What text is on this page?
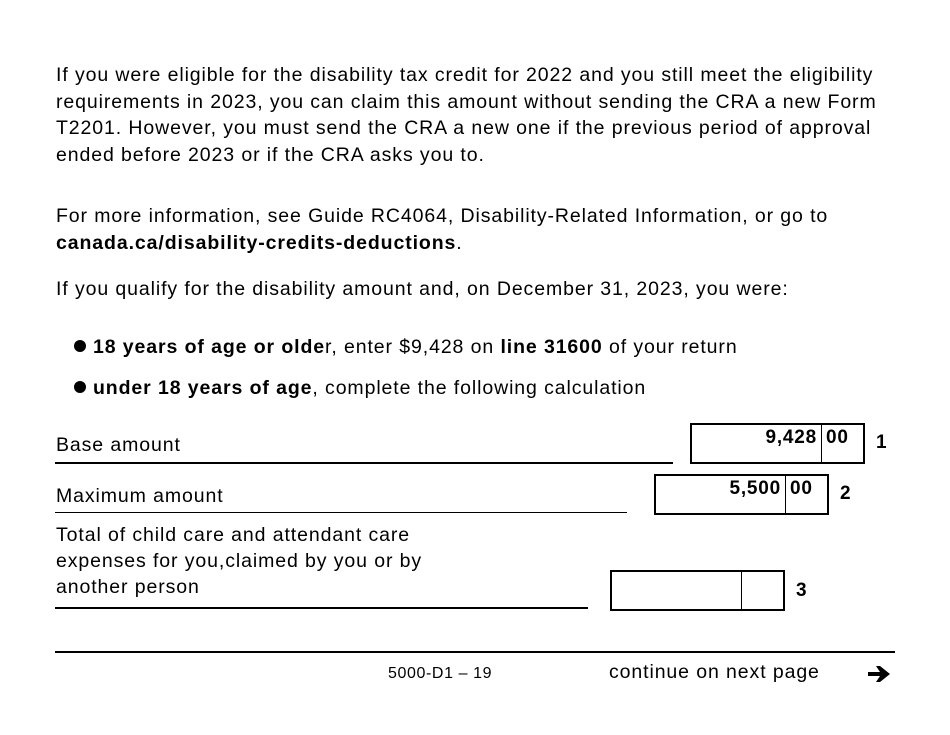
If you were eligible for the disability tax credit for 2022 and you still meet the eligibility requirements in 2023, you can claim this amount without sending the CRA a new Form T2201. However, you must send the CRA a new one if the previous period of approval ended before 2023 or if the CRA asks you to.

For more information, see Guide RC4064, Disability-Related Information, or go to canada.ca/disability-credits-deductions.

If you qualify for the disability amount and, on December 31, 2023, you were:

18 years of age or older, enter $9,428 on line 31600 of your return
under 18 years of age, complete the following calculation
Base amount	9,428 00	1
Maximum amount	5,500 00	2
Total of child care and attendant care
expenses for you,claimed by you or by
another person	3
5000-D1 – 19	continue on next page
